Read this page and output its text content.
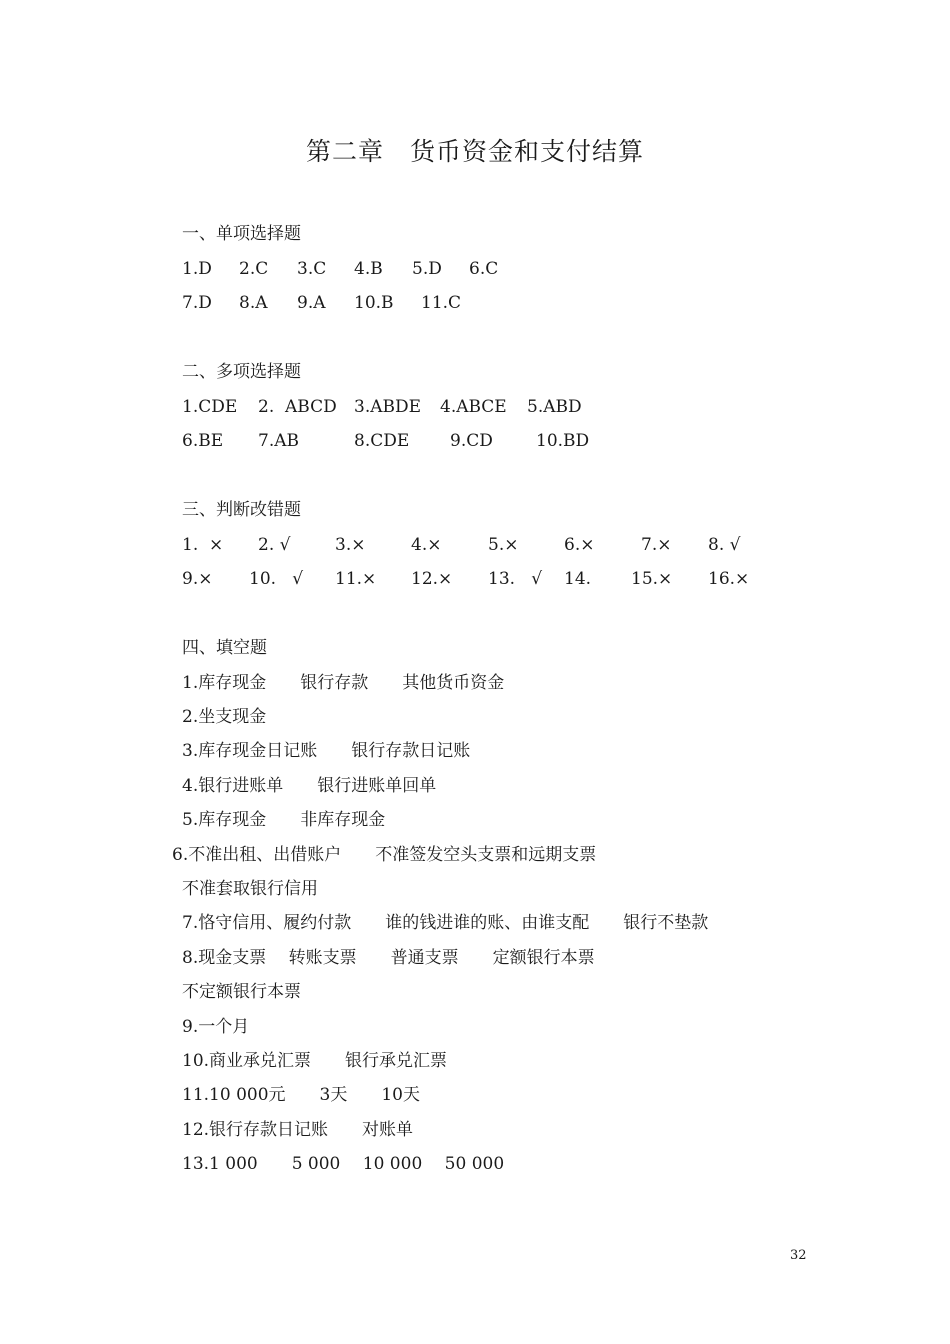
第二章　货币资金和支付结算
一、单项选择题
1.D 2.C 3.C 4.B 5.D 6.C
7.D 8.A 9.A 10.B 11.C
二、多项选择题
1.CDE 2.  ABCD 3.ABDE 4.ABCE 5.ABD
6.BE 7.AB	8.CDE 9.CD	10.BD
三、判断改错题
1.  × 2. √	3.×	4.×	5.×	6.×	7.× 8. √
9.× 10.   √ 11.× 12.× 13.   √ 14. 15.× 16.×
四、填空题
1.库存现金　　银行存款　　其他货币资金
2.坐支现金
3.库存现金日记账　　银行存款日记账
4.银行进账单　　银行进账单回单
5.库存现金　　非库存现金
6.不准出租、出借账户　　不准签发空头支票和远期支票
不准套取银行信用
7.恪守信用、履约付款　　谁的钱进谁的账、由谁支配　　银行不垫款
8.现金支票　 转账支票　　普通支票　　定额银行本票
不定额银行本票
9.一个月
10.商业承兑汇票　　银行承兑汇票
11.10 000元　　3天　　10天
12.银行存款日记账　　对账单
13.1 000　　5 000　 10 000　 50 000
32
